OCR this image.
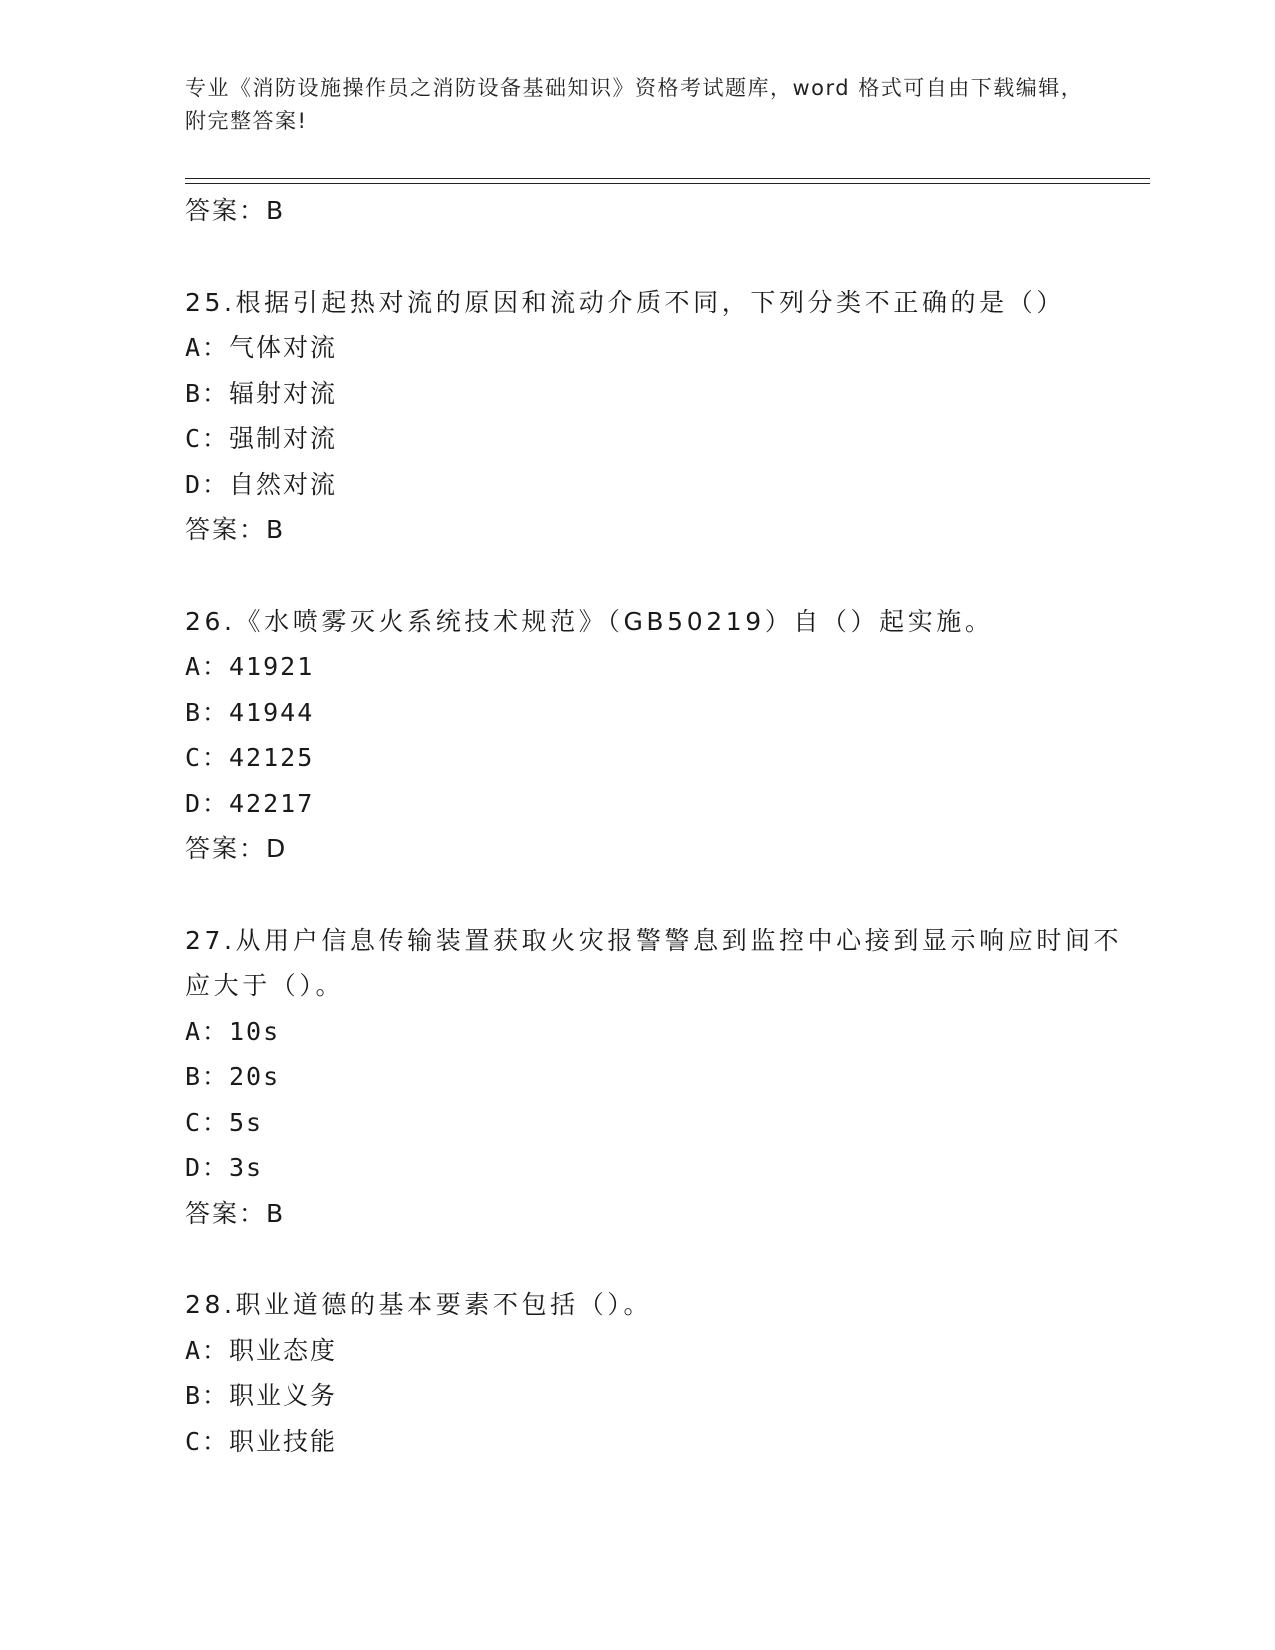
专业《消防设施操作员之消防设备基础知识》资格考试题库，word 格式可自由下载编辑，附完整答案!
答案：B
25.根据引起热对流的原因和流动介质不同，下列分类不正确的是（）
A：气体对流
B：辐射对流
C：强制对流
D：自然对流
答案：B
26.《水喷雾灭火系统技术规范》（GB50219）自（）起实施。
A：41921
B：41944
C：42125
D：42217
答案：D
27.从用户信息传输装置获取火灾报警警息到监控中心接到显示响应时间不应大于（）。
A：10s
B：20s
C：5s
D：3s
答案：B
28.职业道德的基本要素不包括（）。
A：职业态度
B：职业义务
C：职业技能
